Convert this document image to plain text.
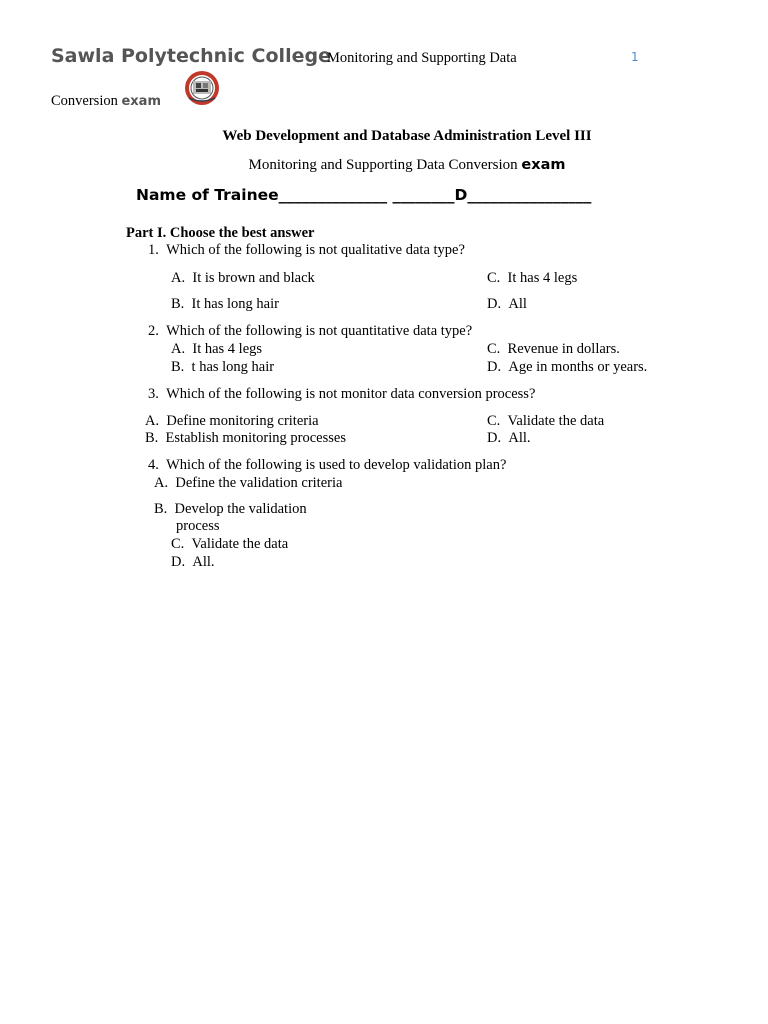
Sawla Polytechnic College
Monitoring and Supporting Data	1
Conversion exam
Web Development and Database Administration Level III
Monitoring and Supporting Data Conversion exam
Name of Trainee______________ ________D________________
Part I. Choose the best answer
1. Which of the following is not qualitative data type?
A. It is brown and black	C. It has 4 legs
B. It has long hair	D. All
2. Which of the following is not quantitative data type?
A. It has 4 legs	C. Revenue in dollars.
B. t has long hair	D. Age in months or years.
3. Which of the following is not monitor data conversion process?
A. Define monitoring criteria	C. Validate the data
B. Establish monitoring processes	D. All.
4. Which of the following is used to develop validation plan?
A. Define the validation criteria
B. Develop the validation
process
C. Validate the data
D. All.
